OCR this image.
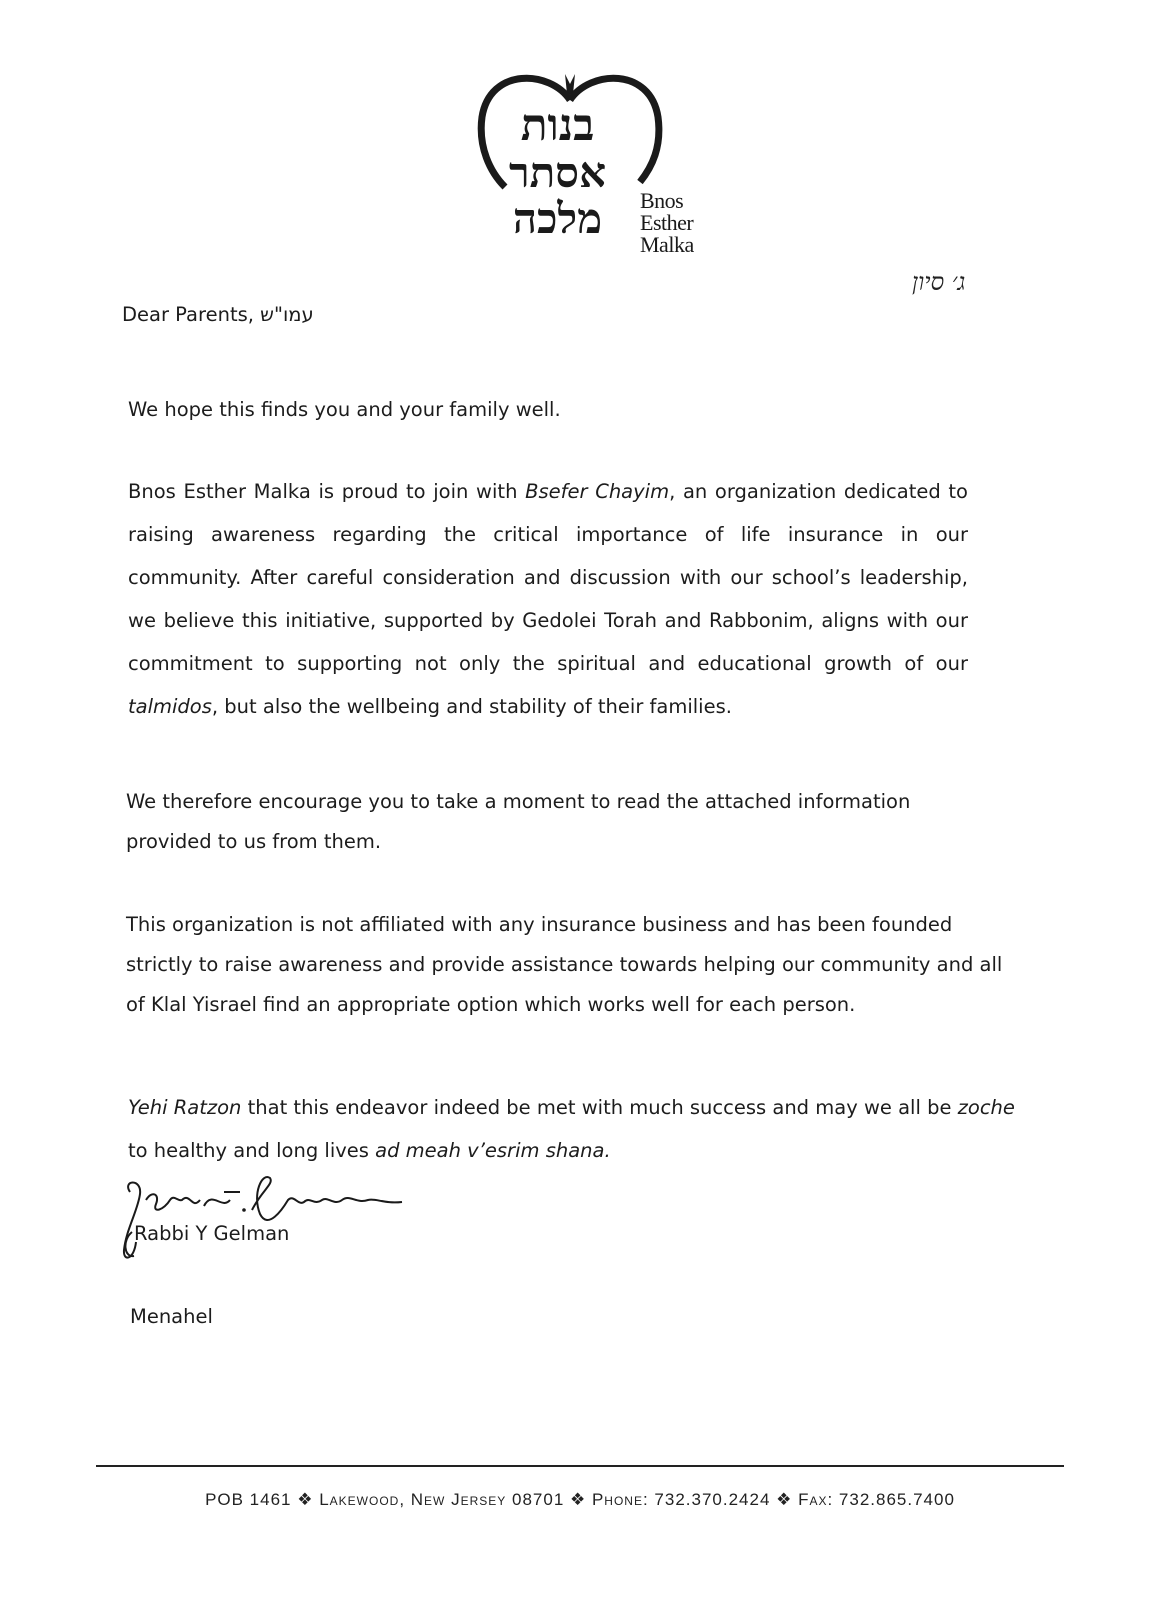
בנות
אסתר
מלכה	Bnos
Esther
Malka
ג׳ סיון
Dear Parents, עמו"ש
We hope this finds you and your family well.
Bnos Esther Malka is proud to join with Bsefer Chayim, an organization dedicated to raising awareness regarding the critical importance of life insurance in our community. After careful consideration and discussion with our school’s leadership, we believe this initiative, supported by Gedolei Torah and Rabbonim, aligns with our commitment to supporting not only the spiritual and educational growth of our talmidos, but also the wellbeing and stability of their families.
We therefore encourage you to take a moment to read the attached information provided to us from them.
This organization is not affiliated with any insurance business and has been founded strictly to raise awareness and provide assistance towards helping our community and all of Klal Yisrael find an appropriate option which works well for each person.
Yehi Ratzon that this endeavor indeed be met with much success and may we all be zoche to healthy and long lives ad meah v’esrim shana.
Rabbi Y Gelman
Menahel
POB 1461 ❖ Lakewood, New Jersey 08701 ❖ Phone: 732.370.2424 ❖ Fax: 732.865.7400
